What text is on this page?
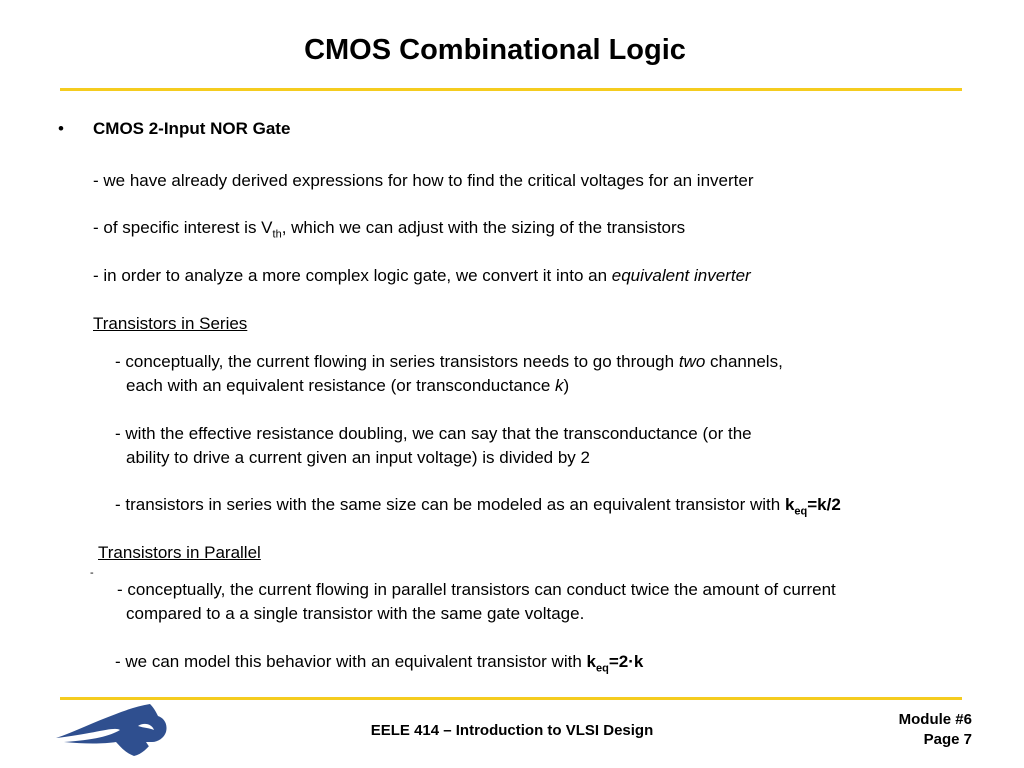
CMOS Combinational Logic
• CMOS 2-Input NOR Gate
- we have already derived expressions for how to find the critical voltages for an inverter
- of specific interest is $V_{th}$, which we can adjust with the sizing of the transistors
- in order to analyze a more complex logic gate, we convert it into an equivalent inverter
Transistors in Series
- conceptually, the current flowing in series transistors needs to go through two channels,
each with an equivalent resistance (or transconductance k)
- with the effective resistance doubling, we can say that the transconductance (or the
ability to drive a current given an input voltage) is divided by 2
- transistors in series with the same size can be modeled as an equivalent transistor with $k_{eq}=k/2$
Transistors in Parallel
-
- conceptually, the current flowing in parallel transistors can conduct twice the amount of current
compared to a a single transistor with the same gate voltage.
- we can model this behavior with an equivalent transistor with $k_{eq}=2\cdot k$
EELE 414 – Introduction to VLSI Design
Module #6
Page 7
